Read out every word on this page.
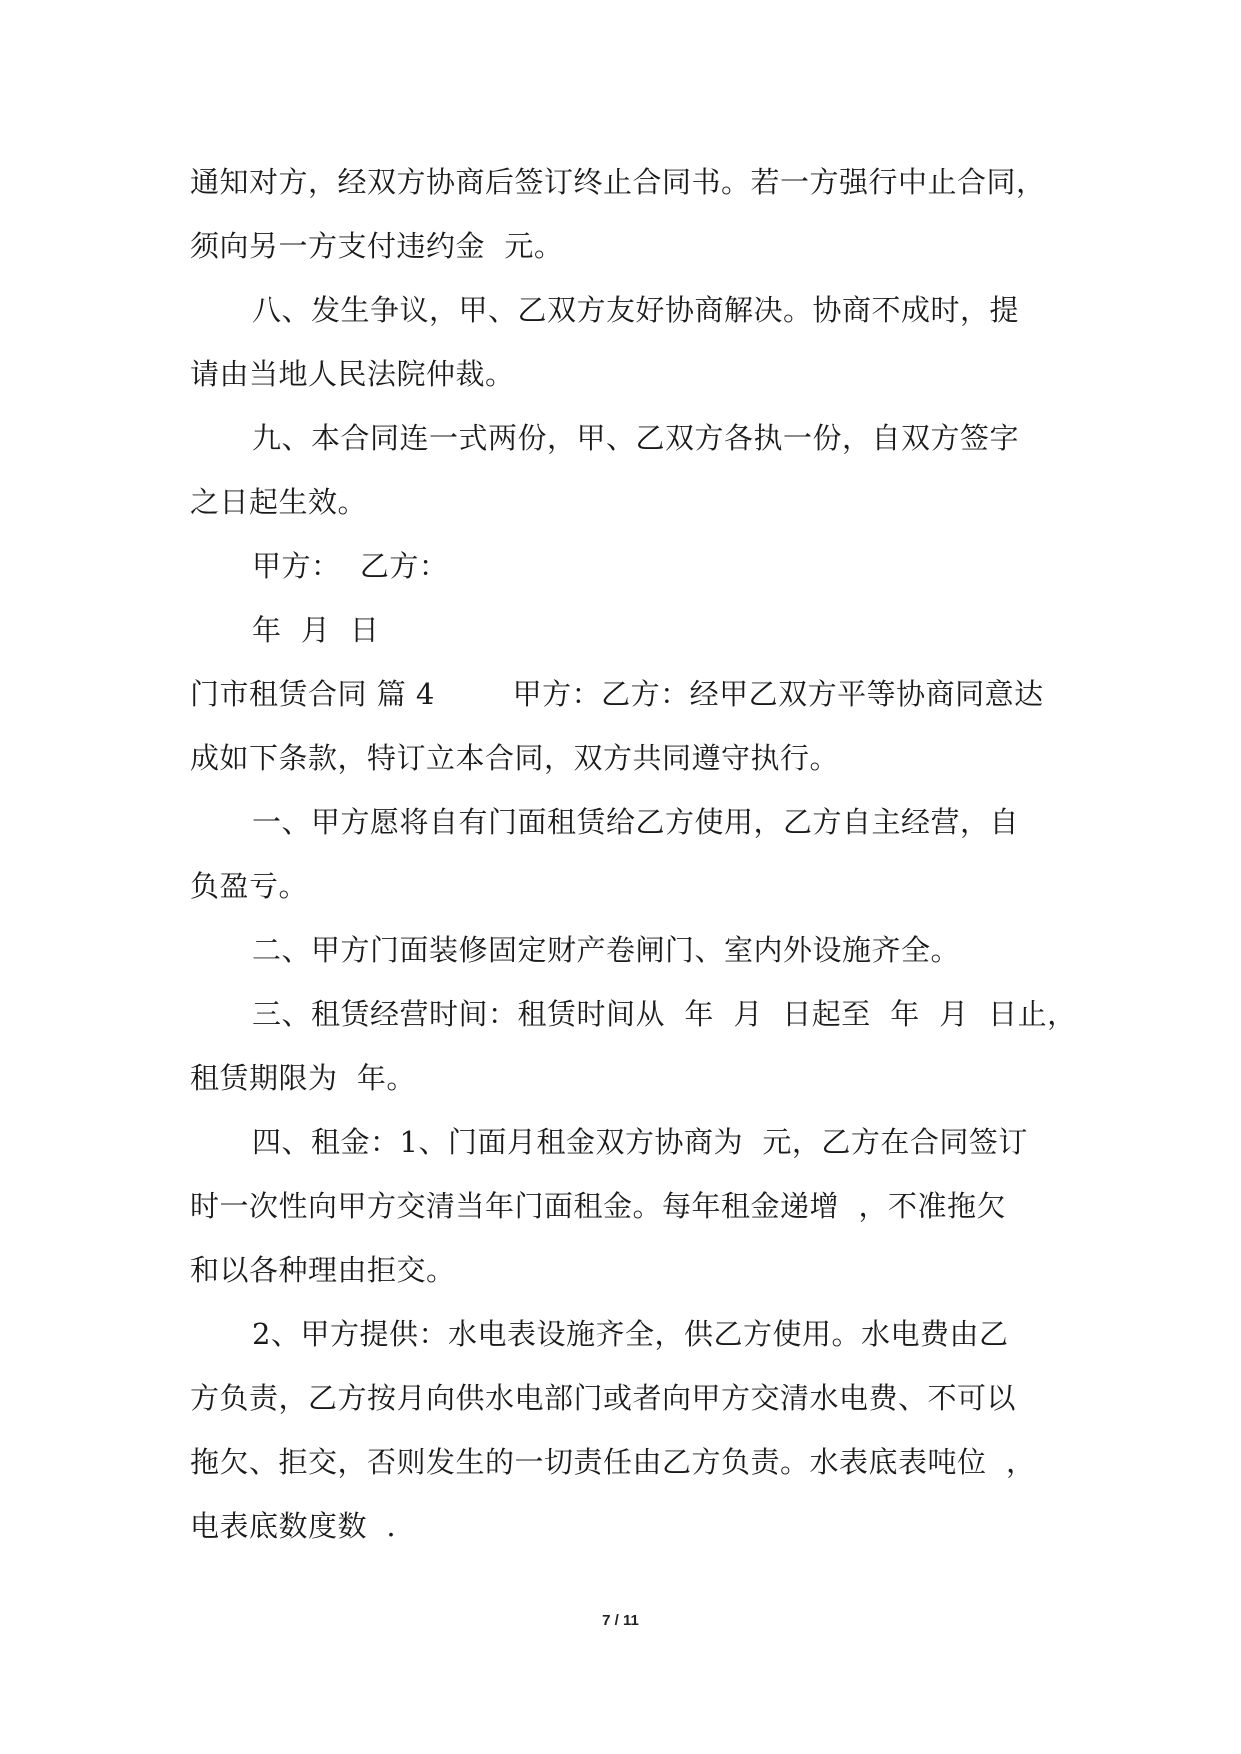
通知对方，经双方协商后签订终止合同书。若一方强行中止合同，
须向另一方支付违约金  元。
八、发生争议，甲、乙双方友好协商解决。协商不成时，提
请由当地人民法院仲裁。
九、本合同连一式两份，甲、乙双方各执一份，自双方签字
之日起生效。
甲方：  乙方：
年  月  日
门市租赁合同 篇 4        甲方：乙方：经甲乙双方平等协商同意达
成如下条款，特订立本合同，双方共同遵守执行。
一、甲方愿将自有门面租赁给乙方使用，乙方自主经营，自
负盈亏。
二、甲方门面装修固定财产卷闸门、室内外设施齐全。
三、租赁经营时间：租赁时间从  年  月  日起至  年  月  日止，
租赁期限为  年。
四、租金：1、门面月租金双方协商为  元，乙方在合同签订
时一次性向甲方交清当年门面租金。每年租金递增  ，不准拖欠
和以各种理由拒交。
2、甲方提供：水电表设施齐全，供乙方使用。水电费由乙
方负责，乙方按月向供水电部门或者向甲方交清水电费、不可以
拖欠、拒交，否则发生的一切责任由乙方负责。水表底表吨位  ，
电表底数度数  .
7 / 11
